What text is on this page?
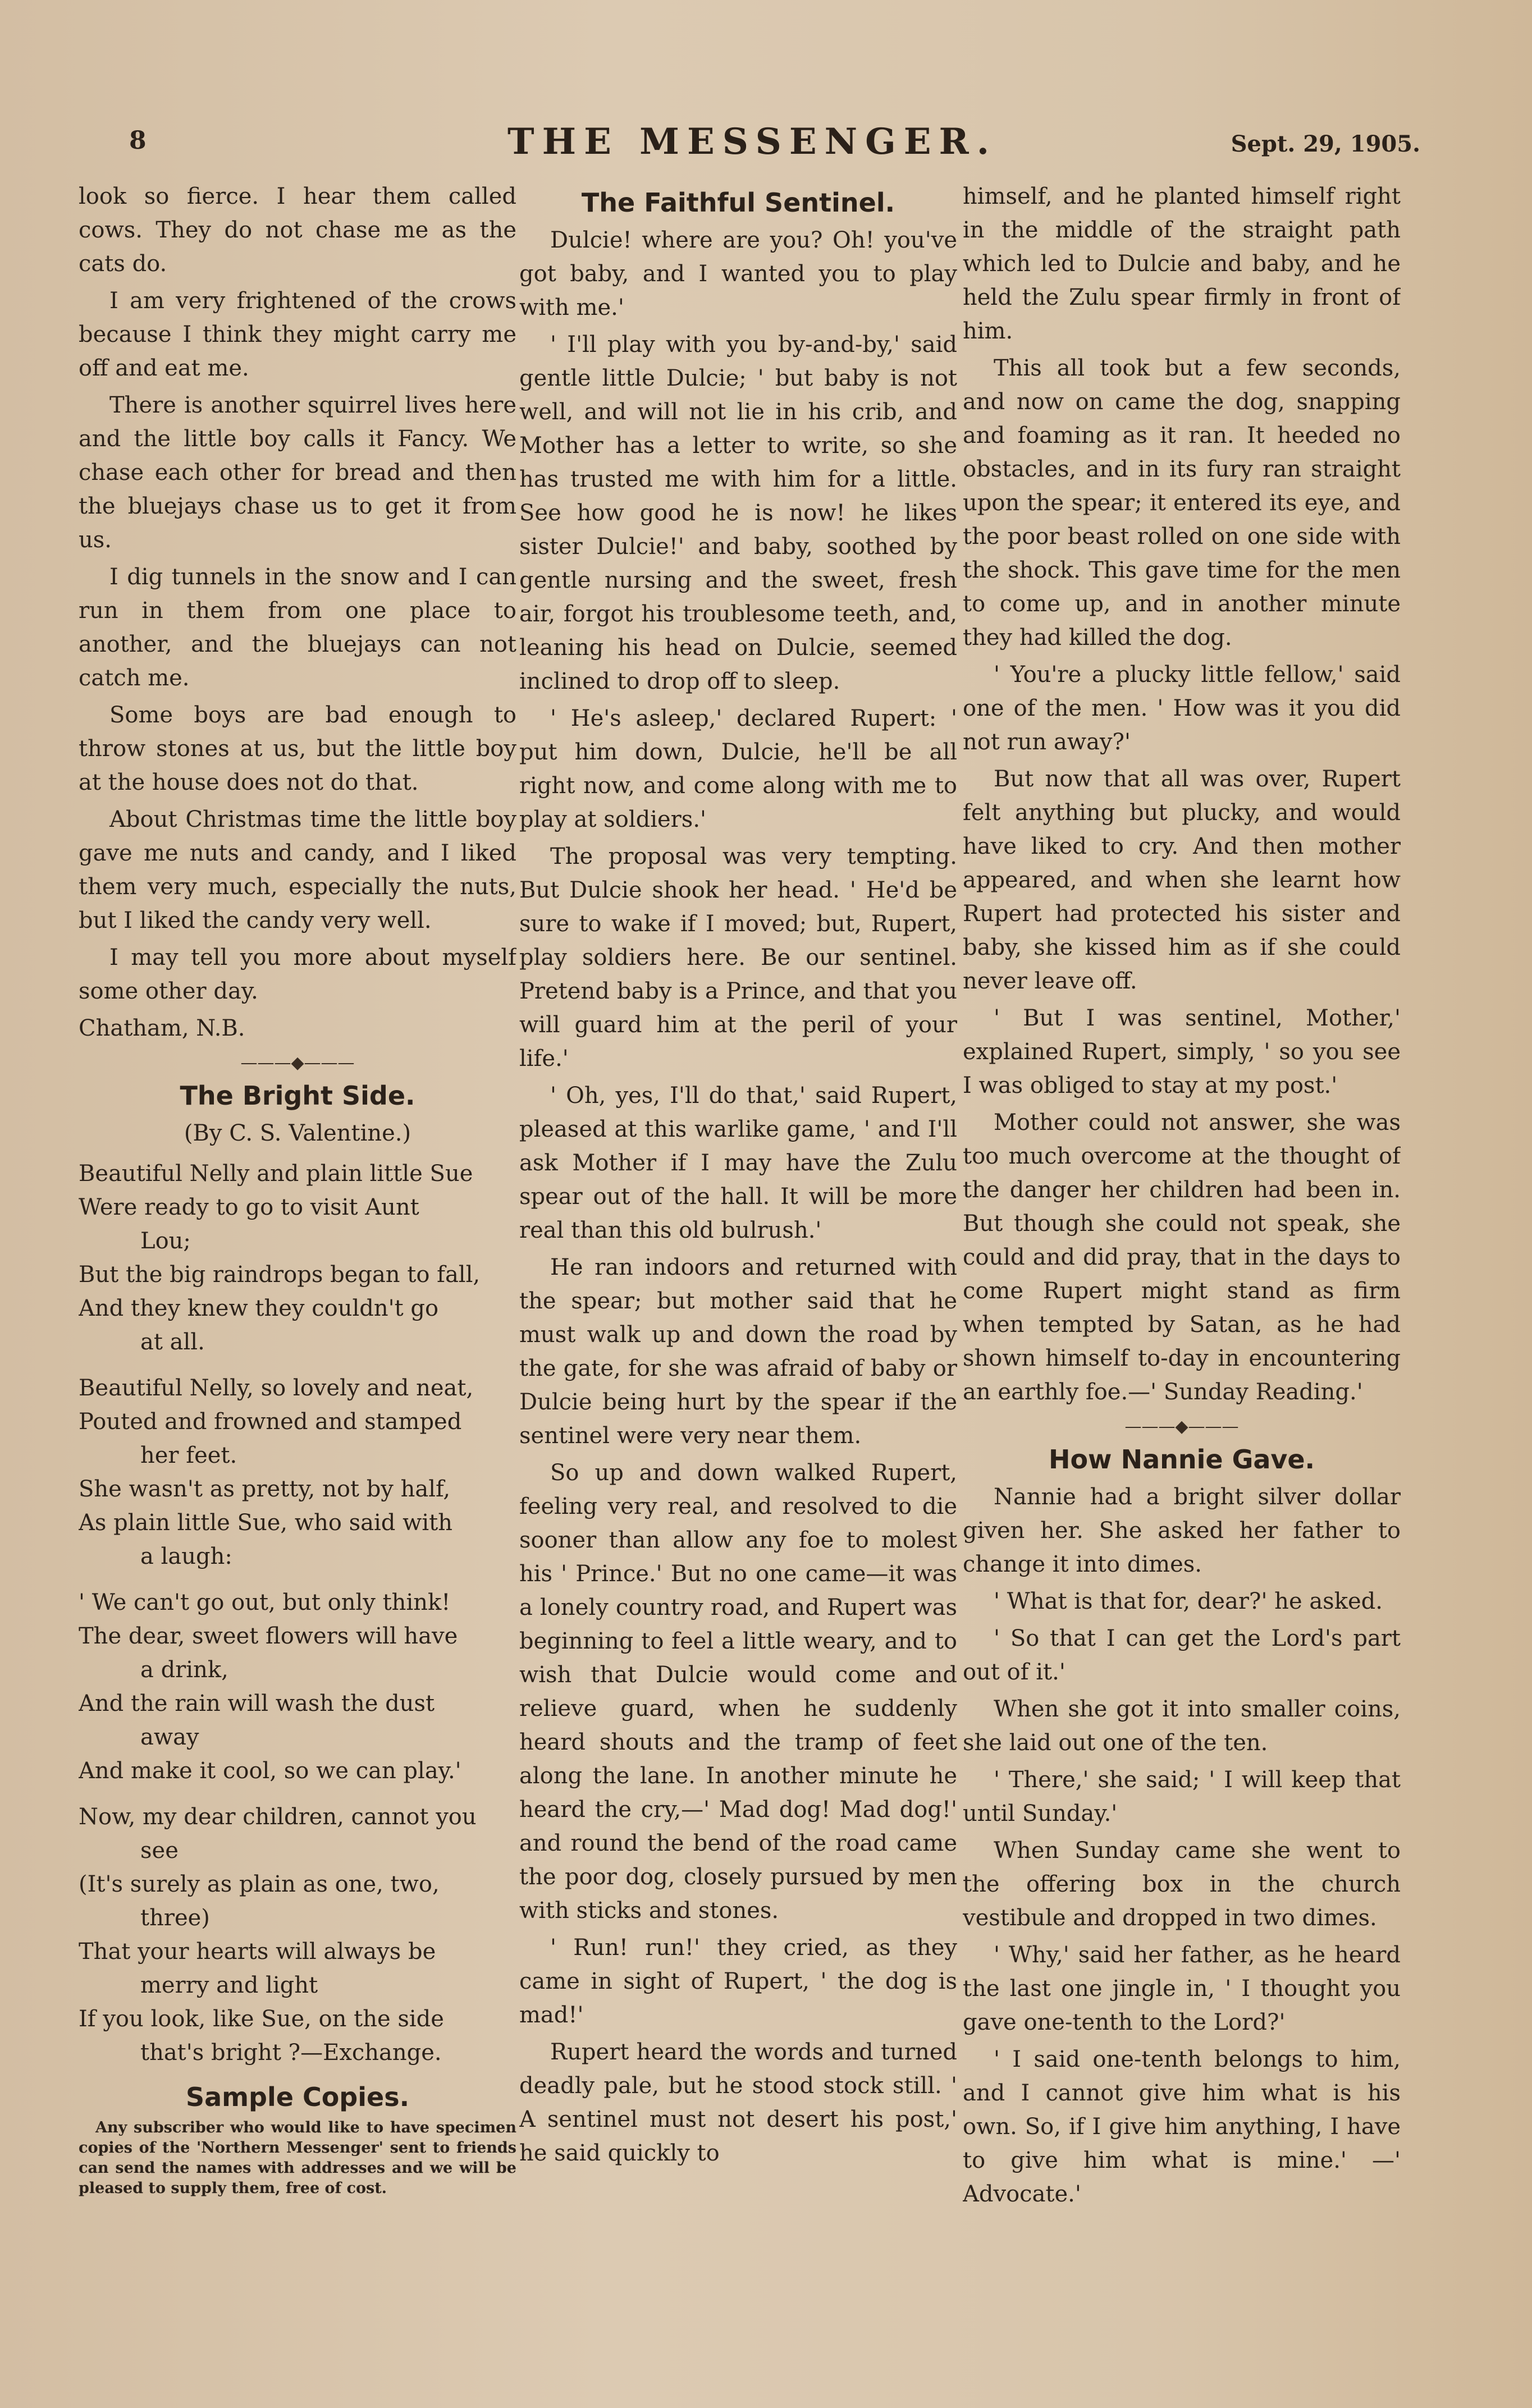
8	THE MESSENGER.	Sept. 29, 1905.

look so fierce. I hear them called cows. They do not chase me as the cats do.

I am very frightened of the crows because I think they might carry me off and eat me.

There is another squirrel lives here and the little boy calls it Fancy. We chase each other for bread and then the bluejays chase us to get it from us.

I dig tunnels in the snow and I can run in them from one place to another, and the bluejays can not catch me.

Some boys are bad enough to throw stones at us, but the little boy at the house does not do that.

About Christmas time the little boy gave me nuts and candy, and I liked them very much, especially the nuts, but I liked the candy very well.

I may tell you more about myself some other day.

Chatham, N.B.

———◆———
The Bright Side.
(By C. S. Valentine.)

Beautiful Nelly and plain little Sue

Were ready to go to visit Aunt

Lou;

But the big raindrops began to fall,

And they knew they couldn't go

at all.

Beautiful Nelly, so lovely and neat,

Pouted and frowned and stamped

her feet.

She wasn't as pretty, not by half,

As plain little Sue, who said with

a laugh:

' We can't go out, but only think!

The dear, sweet flowers will have

a drink,

And the rain will wash the dust

away

And make it cool, so we can play.'

Now, my dear children, cannot you

see

(It's surely as plain as one, two,

three)

That your hearts will always be

merry and light

If you look, like Sue, on the side

that's bright ?—Exchange.

Sample Copies.

Any subscriber who would like to have specimen copies of the 'Northern Messenger' sent to friends can send the names with addresses and we will be pleased to supply them, free of cost.

The Faithful Sentinel.

Dulcie! where are you? Oh! you've got baby, and I wanted you to play with me.'

' I'll play with you by-and-by,' said gentle little Dulcie; ' but baby is not well, and will not lie in his crib, and Mother has a letter to write, so she has trusted me with him for a little. See how good he is now! he likes sister Dulcie!' and baby, soothed by gentle nursing and the sweet, fresh air, forgot his troublesome teeth, and, leaning his head on Dulcie, seemed inclined to drop off to sleep.

' He's asleep,' declared Rupert: ' put him down, Dulcie, he'll be all right now, and come along with me to play at soldiers.'

The proposal was very tempting. But Dulcie shook her head. ' He'd be sure to wake if I moved; but, Rupert, play soldiers here. Be our sentinel. Pretend baby is a Prince, and that you will guard him at the peril of your life.'

' Oh, yes, I'll do that,' said Rupert, pleased at this warlike game, ' and I'll ask Mother if I may have the Zulu spear out of the hall. It will be more real than this old bulrush.'

He ran indoors and returned with the spear; but mother said that he must walk up and down the road by the gate, for she was afraid of baby or Dulcie being hurt by the spear if the sentinel were very near them.

So up and down walked Rupert, feeling very real, and resolved to die sooner than allow any foe to molest his ' Prince.' But no one came—it was a lonely country road, and Rupert was beginning to feel a little weary, and to wish that Dulcie would come and relieve guard, when he suddenly heard shouts and the tramp of feet along the lane. In another minute he heard the cry,—' Mad dog! Mad dog!' and round the bend of the road came the poor dog, closely pursued by men with sticks and stones.

' Run! run!' they cried, as they came in sight of Rupert, ' the dog is mad!'

Rupert heard the words and turned deadly pale, but he stood stock still. ' A sentinel must not desert his post,' he said quickly to

himself, and he planted himself right in the middle of the straight path which led to Dulcie and baby, and he held the Zulu spear firmly in front of him.

This all took but a few seconds, and now on came the dog, snapping and foaming as it ran. It heeded no obstacles, and in its fury ran straight upon the spear; it entered its eye, and the poor beast rolled on one side with the shock. This gave time for the men to come up, and in another minute they had killed the dog.

' You're a plucky little fellow,' said one of the men. ' How was it you did not run away?'

But now that all was over, Rupert felt anything but plucky, and would have liked to cry. And then mother appeared, and when she learnt how Rupert had protected his sister and baby, she kissed him as if she could never leave off.

' But I was sentinel, Mother,' explained Rupert, simply, ' so you see I was obliged to stay at my post.'

Mother could not answer, she was too much overcome at the thought of the danger her children had been in. But though she could not speak, she could and did pray, that in the days to come Rupert might stand as firm when tempted by Satan, as he had shown himself to-day in encountering an earthly foe.—' Sunday Reading.'

———◆———
How Nannie Gave.

Nannie had a bright silver dollar given her. She asked her father to change it into dimes.

' What is that for, dear?' he asked.

' So that I can get the Lord's part out of it.'

When she got it into smaller coins, she laid out one of the ten.

' There,' she said; ' I will keep that until Sunday.'

When Sunday came she went to the offering box in the church vestibule and dropped in two dimes.

' Why,' said her father, as he heard the last one jingle in, ' I thought you gave one-tenth to the Lord?'

' I said one-tenth belongs to him, and I cannot give him what is his own. So, if I give him anything, I have to give him what is mine.' —' Advocate.'
